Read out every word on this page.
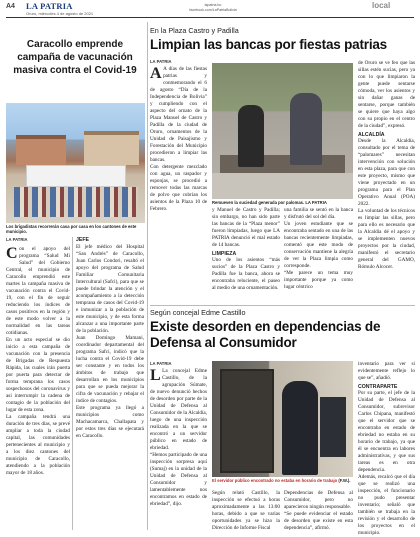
A4 LA PATRIA
Oruro, miércoles 4 de agosto de 2021
lapatria.bo
facebook.com/LaPatriaBolivia	local
Caracollo emprende campaña de vacunación masiva contra el Covid-19
Los brigadistas recorrerán casa por casa en los cantones de este municipio.
LA PATRIA
C on el apoyo del programa “Salud Mi Salud” del Gobierno Central, el municipio de Caracollo emprendió este martes la campaña masiva de vacunación contra el Covid-19, con el fin de seguir reduciendo los índices de casos positivos en la región y de este modo volver a la normalidad en las tareas cotidianas.

En un acto especial se dio inicio a esta campaña de vacunación con la presencia de Brigadas de Respuesta Rápida, las cuales irán puerta por puerta para detectar de forma temprana los casos sospechosos del coronavirus y así interrumpir la cadena de contagio de la población del lugar de esta zona.

La campaña tendrá una duración de tres días, se prevé ampliar a toda la ciudad capital, las comunidades pertenecientes al municipio y a los diez cantones del municipio de Caracollo, atendiendo a la población mayor de 18 años.

JEFE

El jefe médico del Hospital “San Andrés” de Caracollo, Juan Carlos Condori, resaltó el apoyo del programa de Salud Familiar Comunitaria Intercultural (Safci), para que se puede brindar la atención y el acompañamiento a la detección temprana de casos del Covid-19 e inmunizar a la población de este municipio, y de esta forma alcanzar a una importante parte de la población.

Juan Domingo Mamani, coordinador departamental del programa Safci, indicó que la lucha contra el Covid-19 debe ser constante y en todos los ámbitos de trabajo que desarrollan en los municipios para que se pueda mejorar la cifra de vacunación y rebajar el índice de contagios.

Este programa ya llegó a municipios como Machacamarca, Challapata y por estos tres días se ejecutará en Caracollo.

En la Plaza Castro y Padilla
Limpian las bancas por fiestas patrias
LA PATRIA
A A días de las fiestas patrias y conmemorando el 6 de agosto “Día de la Independencia de Bolivia” y cumpliendo con el aspecto del ornato de la Plaza Manuel de Castro y Padilla de la ciudad de Oruro, ornamentos de la Unidad de Paisajismo y Forestación del Municipio procedieron a limpiar las bancas.

Con detergente mezclado con agua, un raspador y esponjas, se procedió a remover todas las marcas de polvo que cubrían los asientos de la Plaza 10 de Febrero.

Remueven la suciedad generada por palomas. LA PATRIA

y Manuel de Castro y Padilla; sin embargo, no han sido parte las bancas de la “Plaza menor” fueron limpiadas, luego que LA PATRIA denunció el mal estado de 14 bancas.

LIMPIEZA

Uno de los asientos “más sucios” de la Plaza Castro y Padilla fue la banca, ahora se encontraba reluciente, el paseo al medio de una ornamentación.

una familia se sentó en la banca y disfrutó del sol del día.

Un joven estudiante que se encontraba sentado en una de las bancas recientemente limpiadas, comentó que este modo de conservación mantiene la alegría de ver la Plaza limpia como corresponde.

“Me parece un tema muy importante porque ya como lugar céntrico

de Oruro se ve feo que las sillas estén sucias, pero ya con lo que limpiaron la gente puede sentarse cómoda, ver los asientos y sin dañar ganas de sentarse, porque también se quiere que haya algo con su propio en el centro de la ciudad”, expresó.

ALCALDÍA

Desde la Alcaldía, consultado por el tema de “palomares” necesitan intervención con solución en esta plaza, para que con este proyecto, mismo que viene proyectado en un programa para el Plan Operativo Anual (POA) 2022.

La voluntad de los técnicos es limpiar las sillas, pero para ello es necesario que la Alcaldía dé el apoyo y se implementen nuevos proyectos por la ciudad, manifestó el secretario general del GAMO, Rómulo Alcocer.

Según concejal Edme Castillo
Existe desorden en dependencias de Defensa al Consumidor
LA PATRIA
L La concejal Edme Castillo, de la agrupación Súmate, de nuevo denunció hechos de desorden por parte de la Unidad de Defensa al Consumidor de la Alcaldía, luego de una inspección realizada en la que se encontró a un servidor público en estado de ebriedad.

“Hemos participado de una inspección sorpresa aquí (Sumaj) en la unidad de la Unidad de Defensa al Consumidor y lamentablemente nos encontramos en estado de ebriedad”, dijo.

El servidor público encontrado no estaba en horario de trabajo (F.W.).

Según relató Castillo, la inspección se efectuó a horas aproximadamente a las 13:00 horas, debido a que se varias oportunidades ya se hizo la Dirección de Informe Fiscal

Dependencias de Defensa al Consumidor, pero no aparecieron ningún responsable.

“Se puede evidenciar el estado de desorden que existe en esta dependencia”, afirmó.

inventario para ver si evidentemente reflejo lo que se”, añadió.

CONTRAPARTE

Por su parte, el jefe de la Unidad de Defensa al Consumidor, subrevisor Carlos Chipana, manifestó que el servidor que se encontraba en estado de ebriedad no estaba en su horario de trabajo, ya que él se encuentra en labores administrativas, y que sus tareas es en otra dependencia.

Además, recalcó que el día que se realizó una inspección, el funcionario no pudo presentar inventario; señaló que también se trabaja en la revisión y el desarrollo de los proyectos en el municipio.
